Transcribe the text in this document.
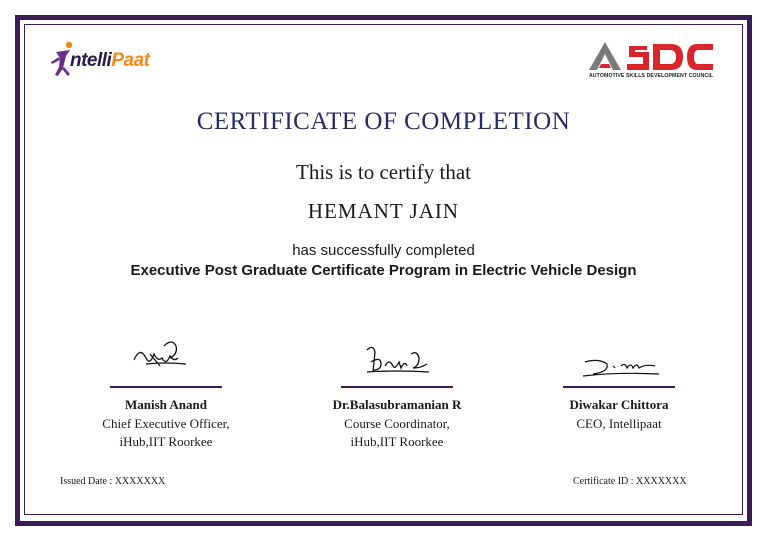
ntelliPaat
AUTOMOTIVE SKILLS DEVELOPMENT COUNCIL
CERTIFICATE OF COMPLETION
This is to certify that
HEMANT JAIN
has successfully completed
Executive Post Graduate Certificate Program in Electric Vehicle Design
Manish Anand
Chief Executive Officer,
iHub,IIT Roorkee
Dr.Balasubramanian R
Course Coordinator,
iHub,IIT Roorkee
Diwakar Chittora
CEO, Intellipaat
Issued Date : XXXXXXX	Certificate ID : XXXXXXX
